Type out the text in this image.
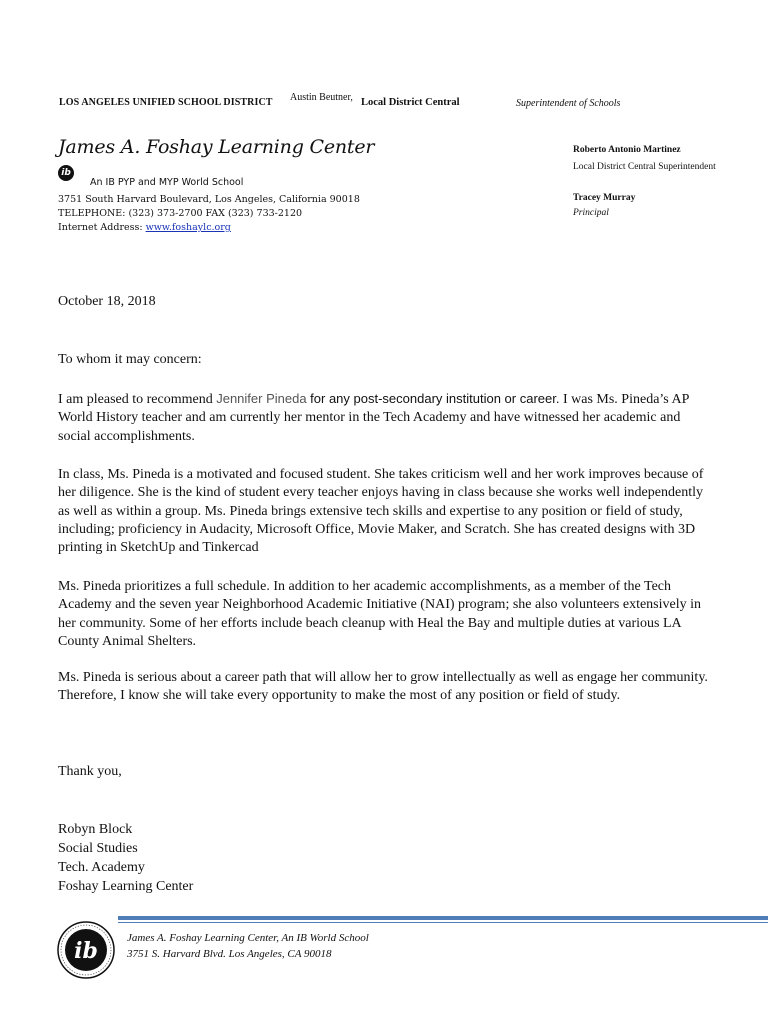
LOS ANGELES UNIFIED SCHOOL DISTRICT Austin Beutner, Local District Central	Superintendent of Schools
James A. Foshay Learning Center
ib
An IB PYP and MYP World School
3751 South Harvard Boulevard, Los Angeles, California 90018
TELEPHONE: (323) 373-2700 FAX (323) 733-2120
Internet Address: www.foshaylc.org
Roberto Antonio Martinez
Local District Central Superintendent
Tracey Murray
Principal
October 18, 2018
To whom it may concern:
I am pleased to recommend Jennifer Pineda for any post-secondary institution or career. I was Ms. Pineda’s AP World History teacher and am currently her mentor in the Tech Academy and have witnessed her academic and social accomplishments.
In class, Ms. Pineda is a motivated and focused student. She takes criticism well and her work improves because of her diligence. She is the kind of student every teacher enjoys having in class because she works well independently as well as within a group. Ms. Pineda brings extensive tech skills and expertise to any position or field of study, including; proficiency in Audacity, Microsoft Office, Movie Maker, and Scratch. She has created designs with 3D printing in SketchUp and Tinkercad
Ms. Pineda prioritizes a full schedule. In addition to her academic accomplishments, as a member of the Tech Academy and the seven year Neighborhood Academic Initiative (NAI) program; she also volunteers extensively in her community. Some of her efforts include beach cleanup with Heal the Bay and multiple duties at various LA County Animal Shelters.
Ms. Pineda is serious about a career path that will allow her to grow intellectually as well as engage her community. Therefore, I know she will take every opportunity to make the most of any position or field of study.
Thank you,
Robyn Block
Social Studies
Tech. Academy
Foshay Learning Center
ib	James A. Foshay Learning Center, An IB World School
3751 S. Harvard Blvd. Los Angeles, CA 90018
